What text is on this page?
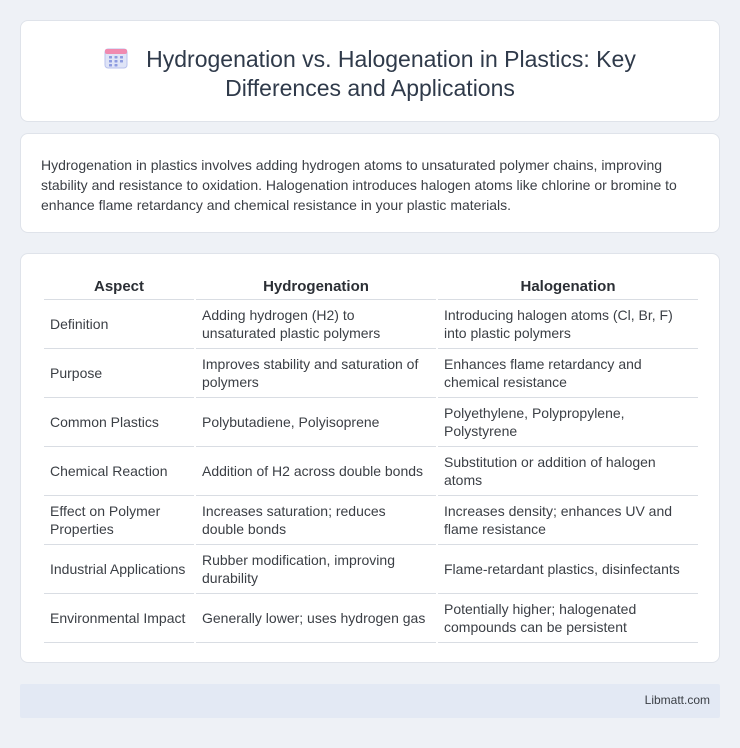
Hydrogenation vs. Halogenation in Plastics: Key Differences and Applications

Hydrogenation in plastics involves adding hydrogen atoms to unsaturated polymer chains, improving stability and resistance to oxidation. Halogenation introduces halogen atoms like chlorine or bromine to enhance flame retardancy and chemical resistance in your plastic materials.

Aspect	Hydrogenation	Halogenation
Definition	Adding hydrogen (H2) to unsaturated plastic polymers	Introducing halogen atoms (Cl, Br, F) into plastic polymers
Purpose	Improves stability and saturation of polymers	Enhances flame retardancy and chemical resistance
Common Plastics	Polybutadiene, Polyisoprene	Polyethylene, Polypropylene, Polystyrene
Chemical Reaction	Addition of H2 across double bonds	Substitution or addition of halogen atoms
Effect on Polymer Properties	Increases saturation; reduces double bonds	Increases density; enhances UV and flame resistance
Industrial Applications	Rubber modification, improving durability	Flame-retardant plastics, disinfectants
Environmental Impact	Generally lower; uses hydrogen gas	Potentially higher; halogenated compounds can be persistent
Libmatt.com
